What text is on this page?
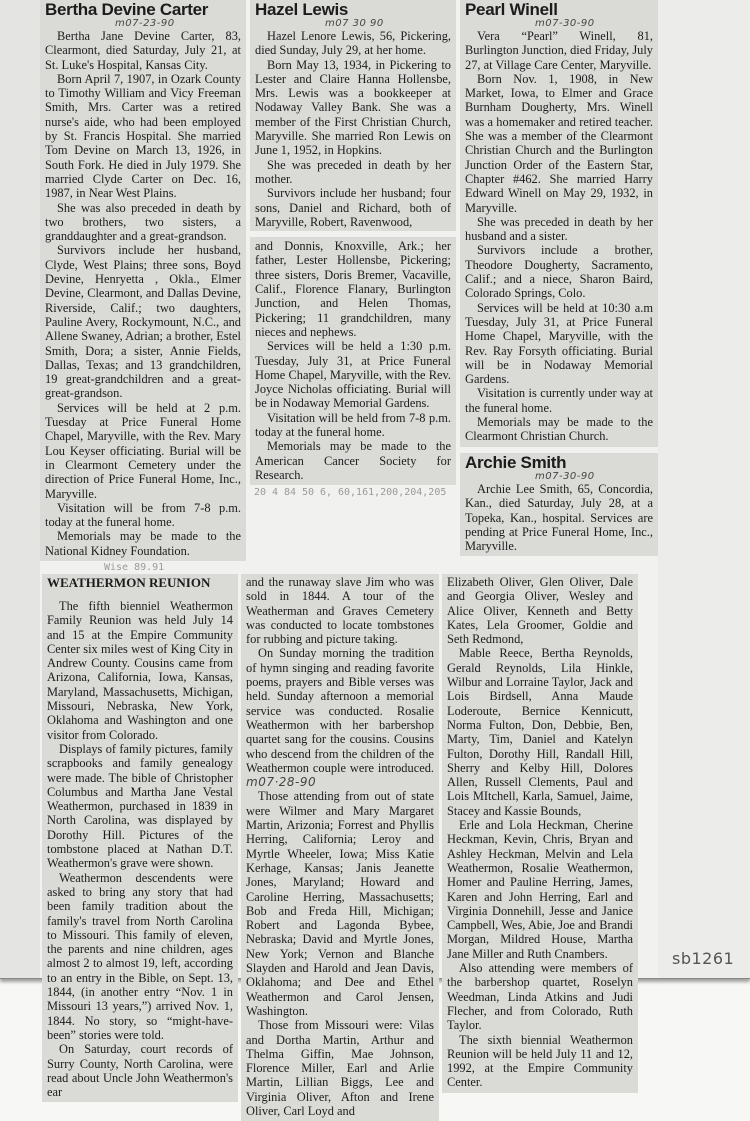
Bertha Devine Carter
m07-23-90

Bertha Jane Devine Carter, 83, Clearmont, died Saturday, July 21, at St. Luke's Hospital, Kansas City.

Born April 7, 1907, in Ozark County to Timothy William and Vicy Freeman Smith, Mrs. Carter was a retired nurse's aide, who had been employed by St. Francis Hospital. She married Tom Devine on March 13, 1926, in South Fork. He died in July 1979. She married Clyde Carter on Dec. 16, 1987, in Near West Plains.

She was also preceded in death by two brothers, two sisters, a granddaughter and a great-grandson.

Survivors include her husband, Clyde, West Plains; three sons, Boyd Devine, Henryetta , Okla., Elmer Devine, Clearmont, and Dallas Devine, Riverside, Calif.; two daughters, Pauline Avery, Rockymount, N.C., and Allene Swaney, Adrian; a brother, Estel Smith, Dora; a sister, Annie Fields, Dallas, Texas; and 13 grandchildren, 19 great-grandchildren and a great-great-grandson.

Services will be held at 2 p.m. Tuesday at Price Funeral Home Chapel, Maryville, with the Rev. Mary Lou Keyser officiating. Burial will be in Clearmont Cemetery under the direction of Price Funeral Home, Inc., Maryville.

Visitation will be from 7-8 p.m. today at the funeral home.

Memorials may be made to the National Kidney Foundation.

Hazel Lewis
m07 30 90

Hazel Lenore Lewis, 56, Pickering, died Sunday, July 29, at her home.

Born May 13, 1934, in Pickering to Lester and Claire Hanna Hollensbe, Mrs. Lewis was a bookkeeper at Nodaway Valley Bank. She was a member of the First Christian Church, Maryville. She married Ron Lewis on June 1, 1952, in Hopkins.

She was preceded in death by her mother.

Survivors include her husband; four sons, Daniel and Richard, both of Maryville, Robert, Ravenwood,

and Donnis, Knoxville, Ark.; her father, Lester Hollensbe, Pickering; three sisters, Doris Bremer, Vacaville, Calif., Florence Flanary, Burlington Junction, and Helen Thomas, Pickering; 11 grandchildren, many nieces and nephews.

Services will be held a 1:30 p.m. Tuesday, July 31, at Price Funeral Home Chapel, Maryville, with the Rev. Joyce Nicholas officiating. Burial will be in Nodaway Memorial Gardens.

Visitation will be held from 7-8 p.m. today at the funeral home.

Memorials may be made to the American Cancer Society for Research.

Pearl Winell
m07-30-90

Vera “Pearl” Winell, 81, Burlington Junction, died Friday, July 27, at Village Care Center, Maryville.

Born Nov. 1, 1908, in New Market, Iowa, to Elmer and Grace Burnham Dougherty, Mrs. Winell was a homemaker and retired teacher. She was a member of the Clearmont Christian Church and the Burlington Junction Order of the Eastern Star, Chapter #462. She married Harry Edward Winell on May 29, 1932, in Maryville.

She was preceded in death by her husband and a sister.

Survivors include a brother, Theodore Dougherty, Sacramento, Calif.; and a niece, Sharon Baird, Colorado Springs, Colo.

Services will be held at 10:30 a.m Tuesday, July 31, at Price Funeral Home Chapel, Maryville, with the Rev. Ray Forsyth officiating. Burial will be in Nodaway Memorial Gardens.

Visitation is currently under way at the funeral home.

Memorials may be made to the Clearmont Christian Church.

Archie Smith
m07-30-90

Archie Lee Smith, 65, Concordia, Kan., died Saturday, July 28, at a Topeka, Kan., hospital. Services are pending at Price Funeral Home, Inc., Maryville.

20 4 84 50 6, 60,161,200,204,205
Wise 89.91
WEATHERMON REUNION

The fifth bienniel Weathermon Family Reunion was held July 14 and 15 at the Empire Community Center six miles west of King City in Andrew County. Cousins came from Arizona, California, Iowa, Kansas, Maryland, Massachusetts, Michigan, Missouri, Nebraska, New York, Oklahoma and Washington and one visitor from Colorado.

Displays of family pictures, family scrapbooks and family genealogy were made. The bible of Christopher Columbus and Martha Jane Vestal Weathermon, purchased in 1839 in North Carolina, was displayed by Dorothy Hill. Pictures of the tombstone placed at Nathan D.T. Weathermon's grave were shown.

Weathermon descendents were asked to bring any story that had been family tradition about the family's travel from North Carolina to Missouri. This family of eleven, the parents and nine children, ages almost 2 to almost 19, left, according to an entry in the Bible, on Sept. 13, 1844, (in another entry “Nov. 1 in Missouri 13 years,”) arrived Nov. 1, 1844. No story, so “might-have-been” stories were told.

On Saturday, court records of Surry County, North Carolina, were read about Uncle John Weathermon's ear

and the runaway slave Jim who was sold in 1844. A tour of the Weatherman and Graves Cemetery was conducted to locate tombstones for rubbing and picture taking.

On Sunday morning the tradition of hymn singing and reading favorite poems, prayers and Bible verses was held. Sunday afternoon a memorial service was conducted. Rosalie Weathermon with her barbershop quartet sang for the cousins. Cousins who descend from the children of the Weathermon couple were introduced. m07·28-90

Those attending from out of state were Wilmer and Mary Margaret Martin, Arizonia; Forrest and Phyllis Herring, California; Leroy and Myrtle Wheeler, Iowa; Miss Katie Kerhage, Kansas; Janis Jeanette Jones, Maryland; Howard and Caroline Herring, Massachusetts; Bob and Freda Hill, Michigan; Robert and Lagonda Bybee, Nebraska; David and Myrtle Jones, New York; Vernon and Blanche Slayden and Harold and Jean Davis, Oklahoma; and Dee and Ethel Weathermon and Carol Jensen, Washington.

Those from Missouri were: Vilas and Dortha Martin, Arthur and Thelma Giffin, Mae Johnson, Florence Miller, Earl and Arlie Martin, Lillian Biggs, Lee and Virginia Oliver, Afton and Irene Oliver, Carl Loyd and

Elizabeth Oliver, Glen Oliver, Dale and Georgia Oliver, Wesley and Alice Oliver, Kenneth and Betty Kates, Lela Groomer, Goldie and Seth Redmond,

Mable Reece, Bertha Reynolds, Gerald Reynolds, Lila Hinkle, Wilbur and Lorraine Taylor, Jack and Lois Birdsell, Anna Maude Loderoute, Bernice Kennicutt, Norma Fulton, Don, Debbie, Ben, Marty, Tim, Daniel and Katelyn Fulton, Dorothy Hill, Randall Hill, Sherry and Kelby Hill, Dolores Allen, Russell Clements, Paul and Lois MItchell, Karla, Samuel, Jaime, Stacey and Kassie Bounds,

Erle and Lola Heckman, Cherine Heckman, Kevin, Chris, Bryan and Ashley Heckman, Melvin and Lela Weathermon, Rosalie Weathermon, Homer and Pauline Herring, James, Karen and John Herring, Earl and Virginia Donnehill, Jesse and Janice Campbell, Wes, Abie, Joe and Brandi Morgan, Mildred House, Martha Jane Miller and Ruth Cnambers.

Also attending were members of the barbershop quartet, Roselyn Weedman, Linda Atkins and Judi Flecher, and from Colorado, Ruth Taylor.

The sixth biennial Weathermon Reunion will be held July 11 and 12, 1992, at the Empire Community Center.

sb1261
